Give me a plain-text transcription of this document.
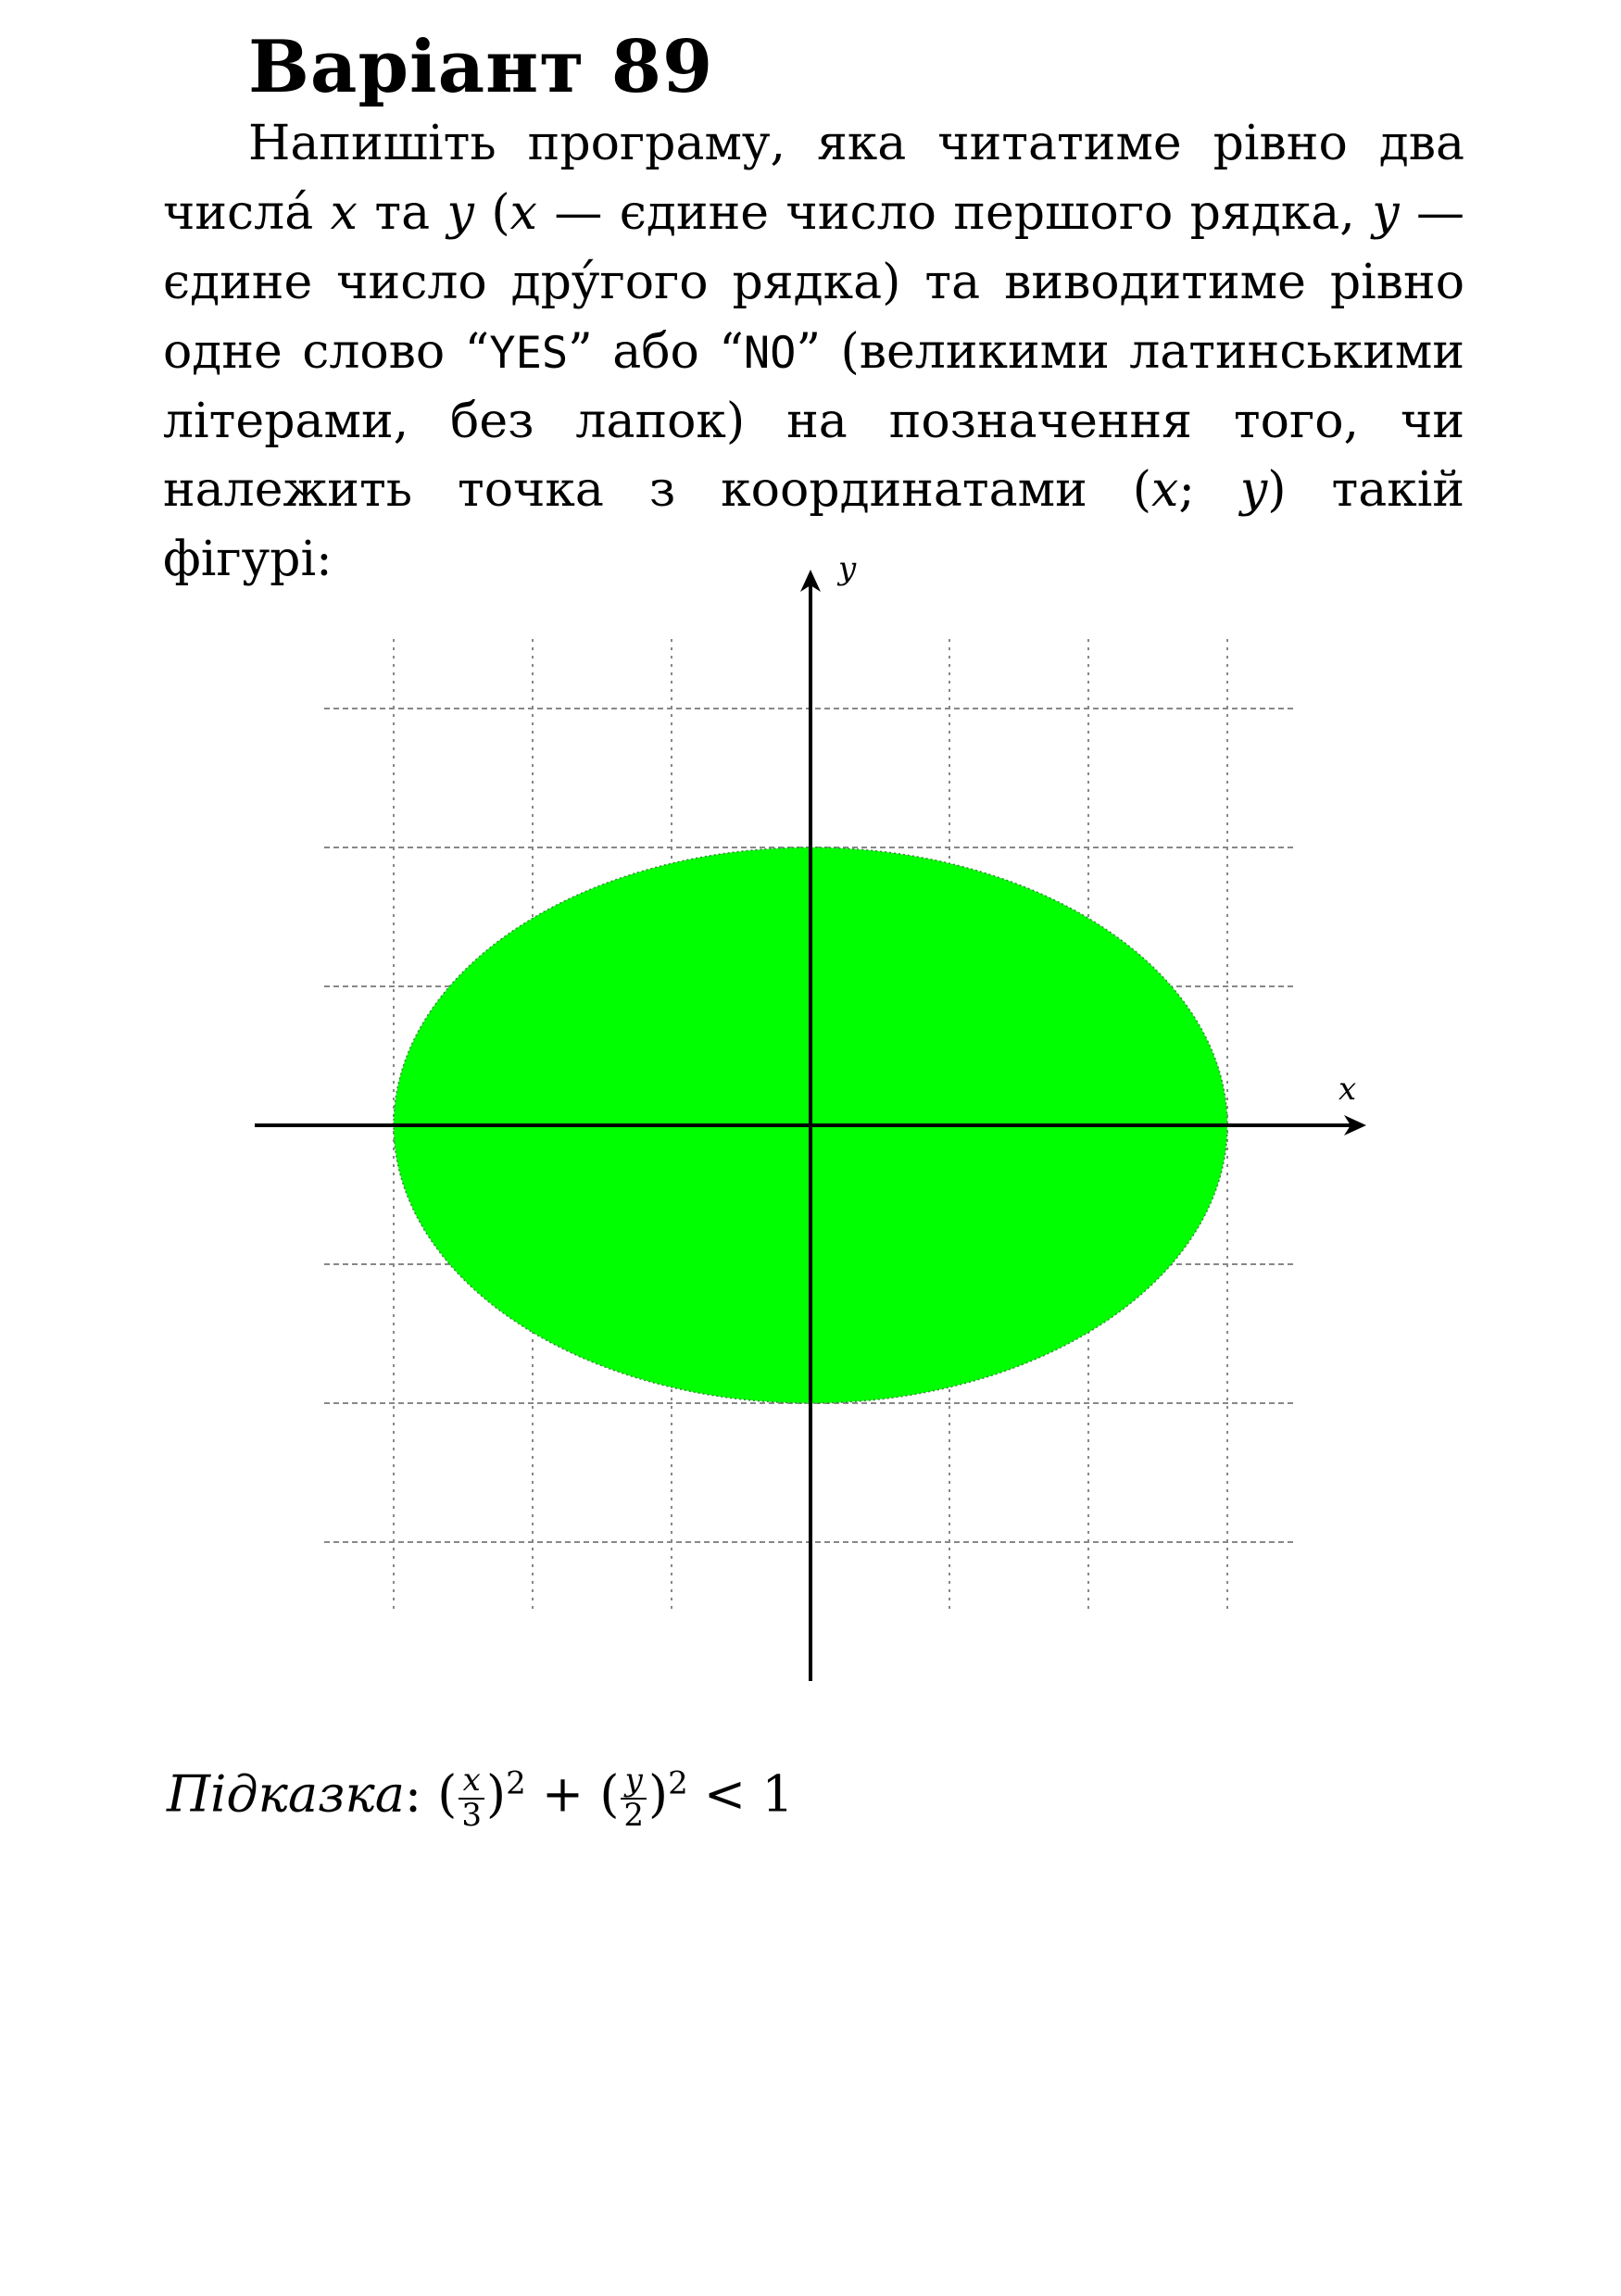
Варіант 89

Напишіть програму, яка читатиме рівно два числа́ x та y (x — єдине число першого рядка, y — єдине число дру́гого рядка) та виводитиме рівно одне слово “YES” або “NO” (великими латинськими літерами, без лапок) на позначення того, чи належить точка з координатами (x; y) такій фігурі:

x
y

Підказка: ( $\frac{x}{3} )^2$ + ( $\frac{y}{2} )^2 < 1$
